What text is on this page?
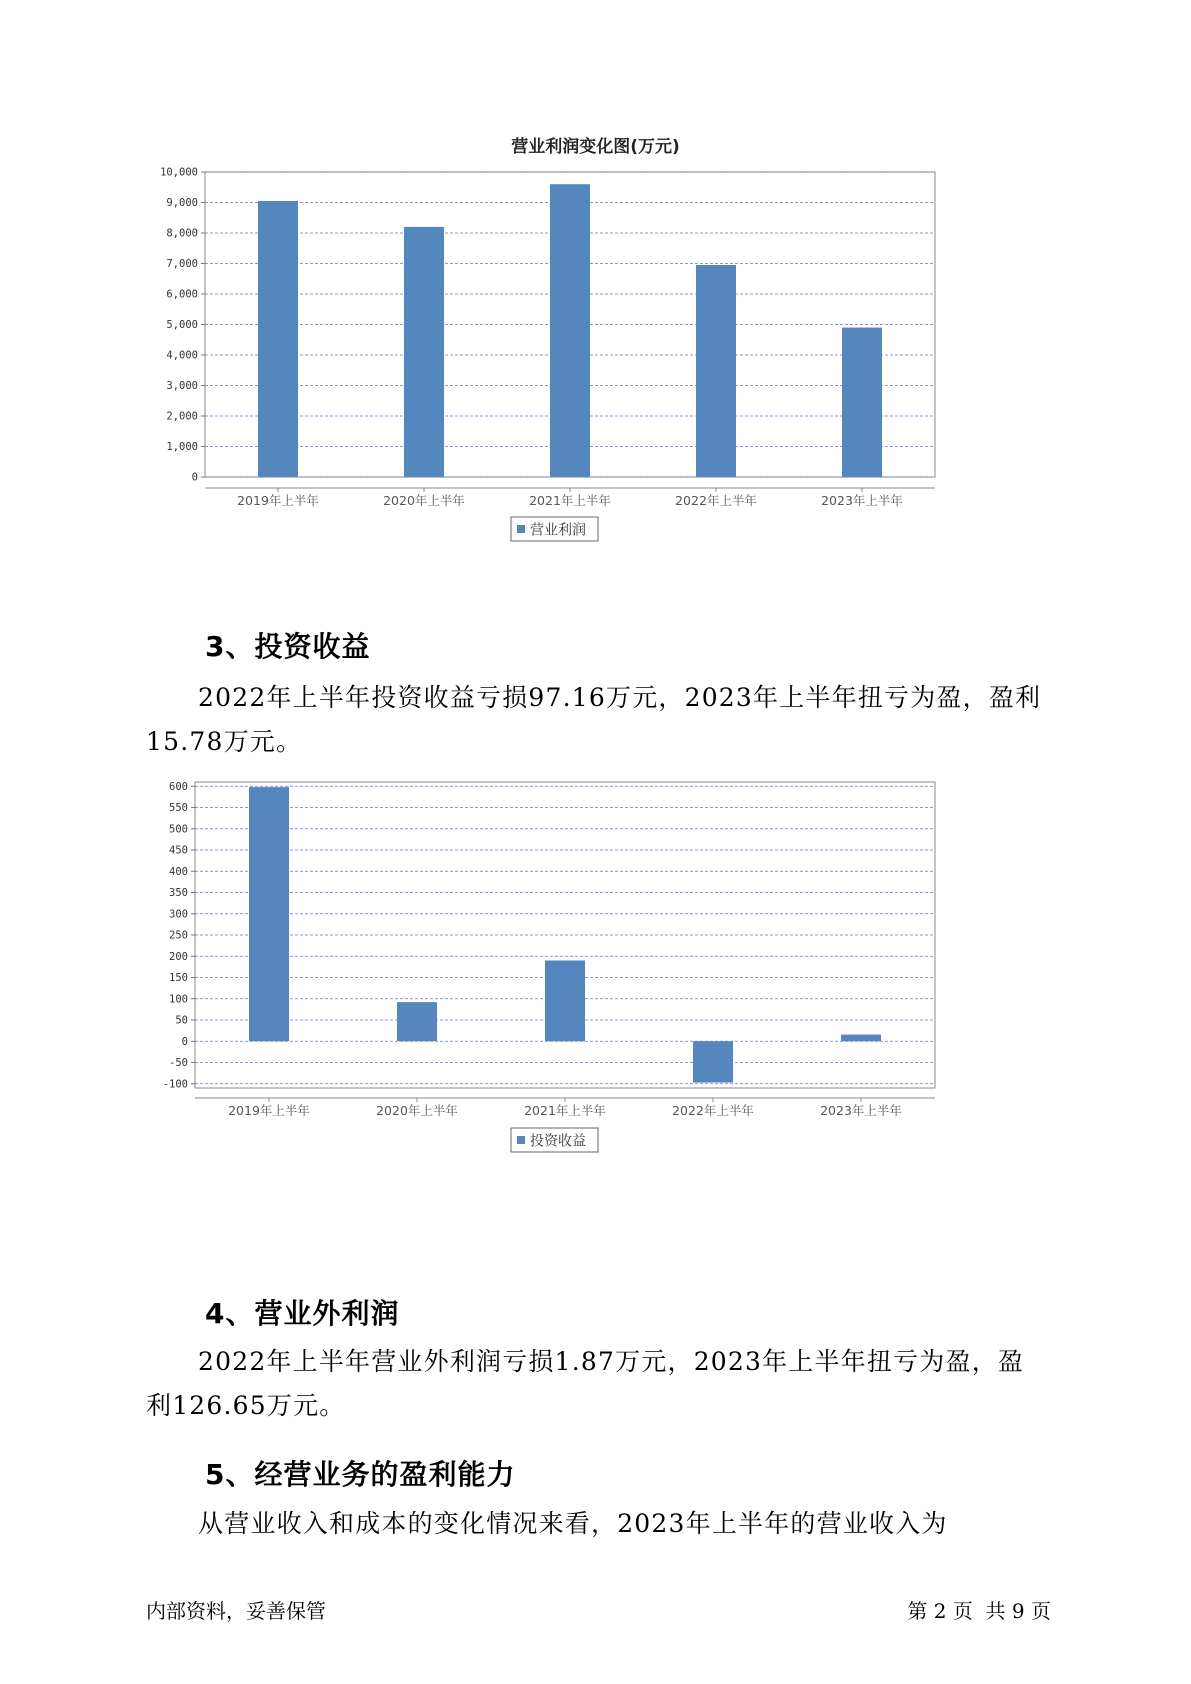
营业利润变化图(万元)
0
1,000
2,000
3,000
4,000
5,000
6,000
7,000
8,000
9,000
10,000
2019年上半年	2020年上半年	2021年上半年	2022年上半年	2023年上半年
营业利润
3、投资收益
2022年上半年投资收益亏损97.16万元，2023年上半年扭亏为盈，盈利
15.78万元。
-100
-50
0
50
100
150
200
250
300
350
400
450
500
550
600
2019年上半年	2020年上半年	2021年上半年	2022年上半年	2023年上半年
投资收益
4、营业外利润
2022年上半年营业外利润亏损1.87万元，2023年上半年扭亏为盈，盈
利126.65万元。
5、经营业务的盈利能力
从营业收入和成本的变化情况来看，2023年上半年的营业收入为
内部资料，妥善保管	第 2 页  共 9 页
